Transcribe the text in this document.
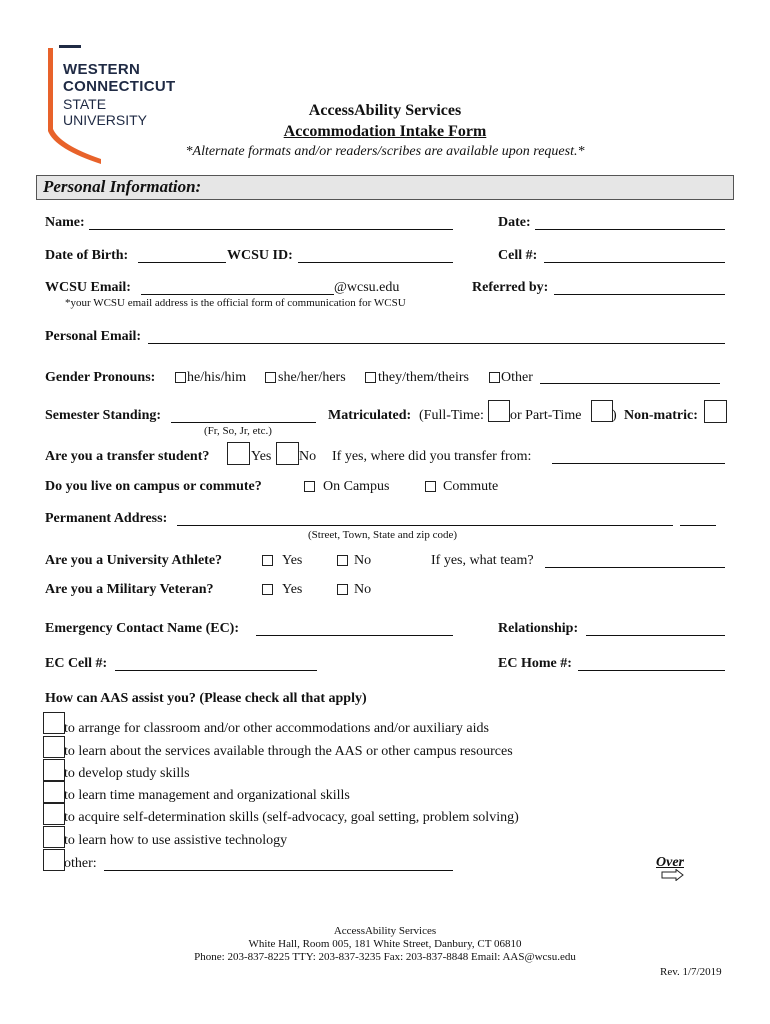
WESTERN
CONNECTICUT
STATE
UNIVERSITY
AccessAbility Services
Accommodation Intake Form
*Alternate formats and/or readers/scribes are available upon request.*
Personal Information:
Name:	Date:
Date of Birth:	WCSU ID:	Cell #:
WCSU Email:	@wcsu.edu	Referred by:
*your WCSU email address is the official form of communication for WCSU
Personal Email:
Gender Pronouns: he/his/him she/her/hers they/them/theirs Other
Semester Standing:
(Fr, So, Jr, etc.)
Matriculated: (Full-Time: or Part-Time ) Non-matric:
Are you a transfer student?	Yes No If yes, where did you transfer from:
Do you live on campus or commute?	On Campus	Commute
Permanent Address:
(Street, Town, State and zip code)
Are you a University Athlete?	Yes	No	If yes, what team?
Are you a Military Veteran?	Yes	No
Emergency Contact Name (EC):	Relationship:
EC Cell #:	EC Home #:
How can AAS assist you? (Please check all that apply)
to arrange for classroom and/or other accommodations and/or auxiliary aids
to learn about the services available through the AAS or other campus resources
to develop study skills
to learn time management and organizational skills
to acquire self-determination skills (self-advocacy, goal setting, problem solving)
to learn how to use assistive technology
other:	Over
AccessAbility Services
White Hall, Room 005, 181 White Street, Danbury, CT 06810
Phone: 203-837-8225 TTY: 203-837-3235 Fax: 203-837-8848 Email: AAS@wcsu.edu
Rev. 1/7/2019
